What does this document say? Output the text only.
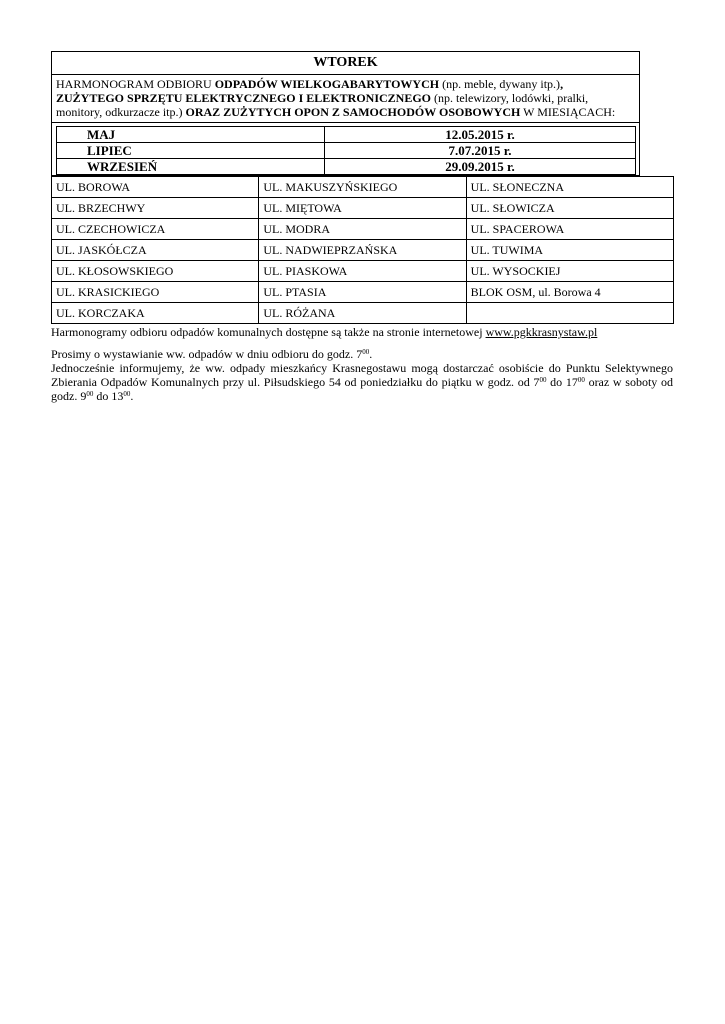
WTOREK
HARMONOGRAM ODBIORU ODPADÓW WIELKOGABARYTOWYCH (np. meble, dywany itp.),
ZUŻYTEGO SPRZĘTU ELEKTRYCZNEGO I ELEKTRONICZNEGO (np. telewizory, lodówki, pralki, monitory, odkurzacze itp.) ORAZ ZUŻYTYCH OPON Z SAMOCHODÓW OSOBOWYCH W MIESIĄCACH:
MAJ	12.05.2015 r.
LIPIEC	7.07.2015 r.
WRZESIEŃ	29.09.2015 r.
UL. BOROWA	UL. MAKUSZYŃSKIEGO	UL. SŁONECZNA
UL. BRZECHWY	UL. MIĘTOWA	UL. SŁOWICZA
UL. CZECHOWICZA	UL. MODRA	UL. SPACEROWA
UL. JASKÓŁCZA	UL. NADWIEPRZAŃSKA	UL. TUWIMA
UL. KŁOSOWSKIEGO	UL. PIASKOWA	UL. WYSOCKIEJ
UL. KRASICKIEGO	UL. PTASIA	BLOK OSM, ul. Borowa 4
UL. KORCZAKA	UL. RÓŻANA	
Harmonogramy odbioru odpadów komunalnych dostępne są także na stronie internetowej www.pgkkrasnystaw.pl
Prosimy o wystawianie ww. odpadów w dniu odbioru do godz. $7^{00}$.
Jednocześnie informujemy, że ww. odpady mieszkańcy Krasnegostawu mogą dostarczać osobiście do Punktu Selektywnego Zbierania Odpadów Komunalnych przy ul. Piłsudskiego 54 od poniedziałku do piątku w godz. od $7^{00}$ do $17^{00}$ oraz w soboty od godz. $9^{00}$ do $13^{00}$.
